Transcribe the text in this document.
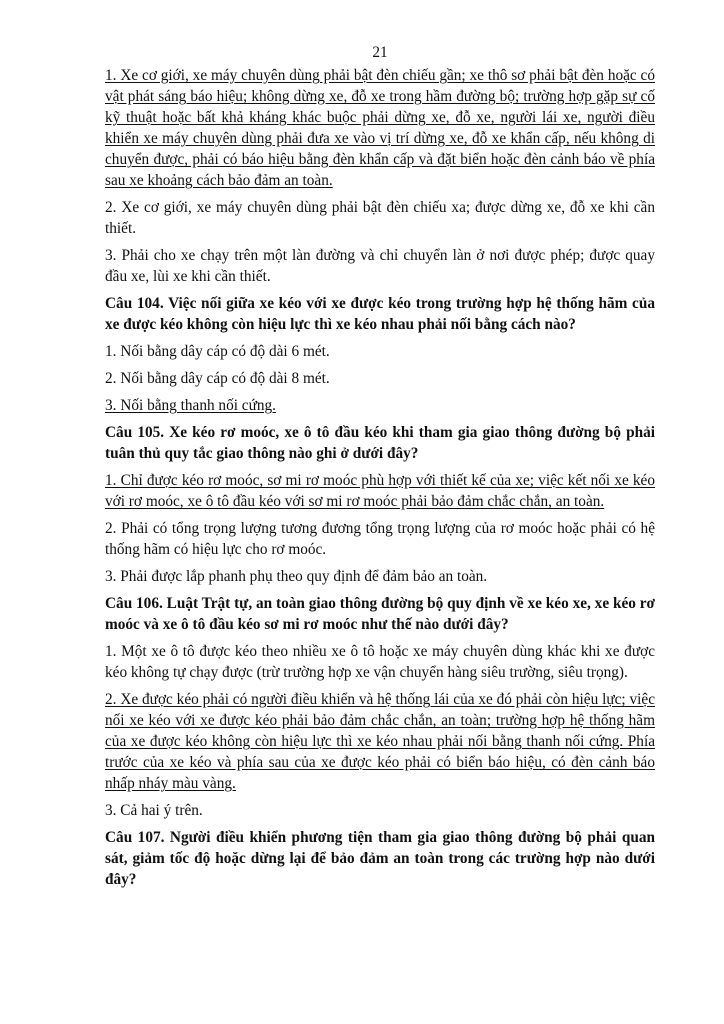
21

1. Xe cơ giới, xe máy chuyên dùng phải bật đèn chiếu gần; xe thô sơ phải bật đèn hoặc có vật phát sáng báo hiệu; không dừng xe, đỗ xe trong hầm đường bộ; trường hợp gặp sự cố kỹ thuật hoặc bất khả kháng khác buộc phải dừng xe, đỗ xe, người lái xe, người điều khiển xe máy chuyên dùng phải đưa xe vào vị trí dừng xe, đỗ xe khẩn cấp, nếu không di chuyển được, phải có báo hiệu bằng đèn khẩn cấp và đặt biển hoặc đèn cảnh báo về phía sau xe khoảng cách bảo đảm an toàn.

2. Xe cơ giới, xe máy chuyên dùng phải bật đèn chiếu xa; được dừng xe, đỗ xe khi cần thiết.

3. Phải cho xe chạy trên một làn đường và chỉ chuyển làn ở nơi được phép; được quay đầu xe, lùi xe khi cần thiết.

Câu 104. Việc nối giữa xe kéo với xe được kéo trong trường hợp hệ thống hãm của xe được kéo không còn hiệu lực thì xe kéo nhau phải nối bằng cách nào?

1. Nối bằng dây cáp có độ dài 6 mét.

2. Nối bằng dây cáp có độ dài 8 mét.

3. Nối bằng thanh nối cứng.

Câu 105. Xe kéo rơ moóc, xe ô tô đầu kéo khi tham gia giao thông đường bộ phải tuân thủ quy tắc giao thông nào ghi ở dưới đây?

1. Chỉ được kéo rơ moóc, sơ mi rơ moóc phù hợp với thiết kế của xe; việc kết nối xe kéo với rơ moóc, xe ô tô đầu kéo với sơ mi rơ moóc phải bảo đảm chắc chắn, an toàn.

2. Phải có tổng trọng lượng tương đương tổng trọng lượng của rơ moóc hoặc phải có hệ thống hãm có hiệu lực cho rơ moóc.

3. Phải được lắp phanh phụ theo quy định để đảm bảo an toàn.

Câu 106. Luật Trật tự, an toàn giao thông đường bộ quy định về xe kéo xe, xe kéo rơ moóc và xe ô tô đầu kéo sơ mi rơ moóc như thế nào dưới đây?

1. Một xe ô tô được kéo theo nhiều xe ô tô hoặc xe máy chuyên dùng khác khi xe được kéo không tự chạy được (trừ trường hợp xe vận chuyển hàng siêu trường, siêu trọng).

2. Xe được kéo phải có người điều khiển và hệ thống lái của xe đó phải còn hiệu lực; việc nối xe kéo với xe được kéo phải bảo đảm chắc chắn, an toàn; trường hợp hệ thống hãm của xe được kéo không còn hiệu lực thì xe kéo nhau phải nối bằng thanh nối cứng. Phía trước của xe kéo và phía sau của xe được kéo phải có biển báo hiệu, có đèn cảnh báo nhấp nháy màu vàng.

3. Cả hai ý trên.

Câu 107. Người điều khiển phương tiện tham gia giao thông đường bộ phải quan sát, giảm tốc độ hoặc dừng lại để bảo đảm an toàn trong các trường hợp nào dưới đây?
